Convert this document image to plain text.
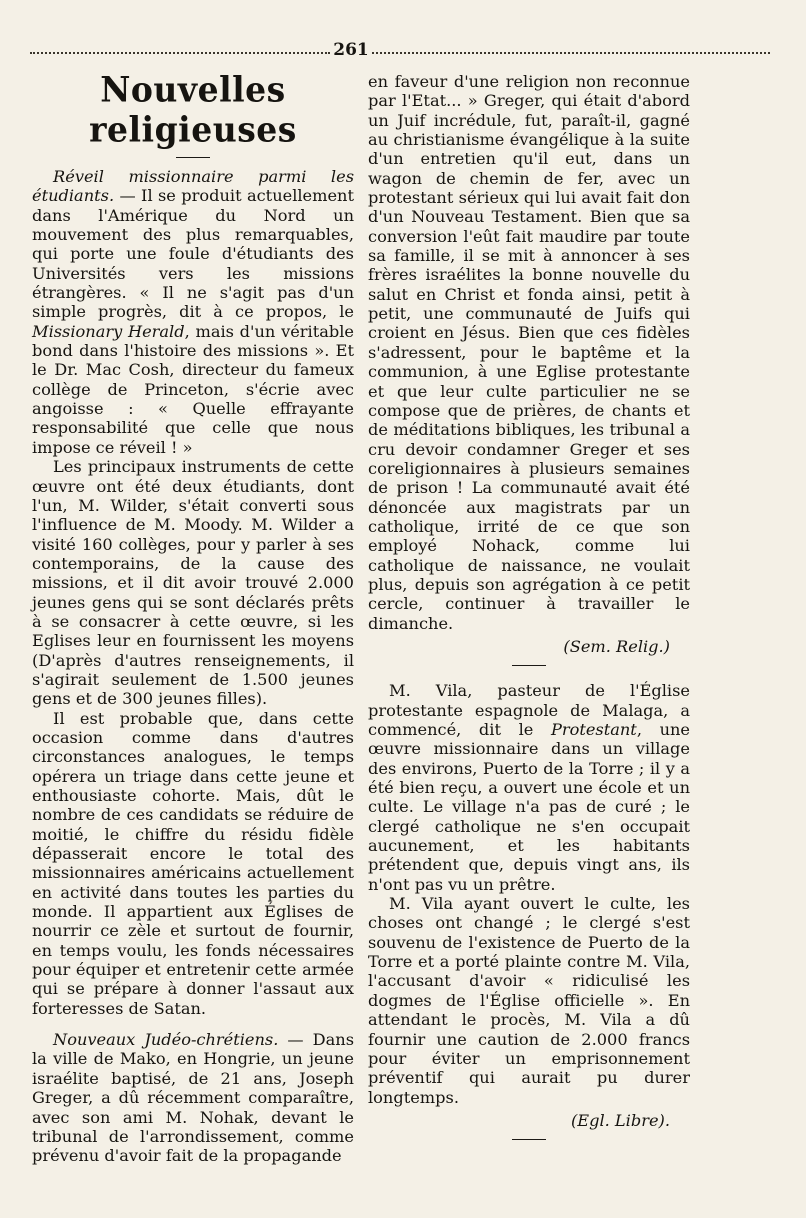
261
Nouvelles religieuses

Réveil missionnaire parmi les étudiants. — Il se produit actuellement dans l'Amérique du Nord un mouvement des plus remarquables, qui porte une foule d'étudiants des Universités vers les missions étrangères. « Il ne s'agit pas d'un simple progrès, dit à ce propos, le Missionary Herald, mais d'un véritable bond dans l'histoire des missions ». Et le Dr. Mac Cosh, directeur du fameux collège de Princeton, s'écrie avec angoisse : « Quelle effrayante responsabilité que celle que nous impose ce réveil ! »

Les principaux instruments de cette œuvre ont été deux étudiants, dont l'un, M. Wilder, s'était converti sous l'influence de M. Moody. M. Wilder a visité 160 collèges, pour y parler à ses contemporains, de la cause des missions, et il dit avoir trouvé 2.000 jeunes gens qui se sont déclarés prêts à se consacrer à cette œuvre, si les Eglises leur en fournissent les moyens (D'après d'autres renseignements, il s'agirait seulement de 1.500 jeunes gens et de 300 jeunes filles).

Il est probable que, dans cette occasion comme dans d'autres circonstances analogues, le temps opérera un triage dans cette jeune et enthousiaste cohorte. Mais, dût le nombre de ces candidats se réduire de moitié, le chiffre du résidu fidèle dépasserait encore le total des missionnaires américains actuellement en activité dans toutes les parties du monde. Il appartient aux Églises de nourrir ce zèle et surtout de fournir, en temps voulu, les fonds nécessaires pour équiper et entretenir cette armée qui se prépare à donner l'assaut aux forteresses de Satan.

Nouveaux Judéo-chrétiens. — Dans la ville de Mako, en Hongrie, un jeune israélite baptisé, de 21 ans, Joseph Greger, a dû récemment comparaître, avec son ami M. Nohak, devant le tribunal de l'arrondissement, comme prévenu d'avoir fait de la propagande

en faveur d'une religion non reconnue par l'Etat... » Greger, qui était d'abord un Juif incrédule, fut, paraît-il, gagné au christianisme évangélique à la suite d'un entretien qu'il eut, dans un wagon de chemin de fer, avec un protestant sérieux qui lui avait fait don d'un Nouveau Testament. Bien que sa conversion l'eût fait maudire par toute sa famille, il se mit à annoncer à ses frères israélites la bonne nouvelle du salut en Christ et fonda ainsi, petit à petit, une communauté de Juifs qui croient en Jésus. Bien que ces fidèles s'adressent, pour le baptême et la communion, à une Eglise protestante et que leur culte particulier ne se compose que de prières, de chants et de méditations bibliques, les tribunal a cru devoir condamner Greger et ses coreligionnaires à plusieurs semaines de prison ! La communauté avait été dénoncée aux magistrats par un catholique, irrité de ce que son employé Nohack, comme lui catholique de naissance, ne voulait plus, depuis son agrégation à ce petit cercle, continuer à travailler le dimanche.

(Sem. Relig.)

M. Vila, pasteur de l'Église protestante espagnole de Malaga, a commencé, dit le Protestant, une œuvre missionnaire dans un village des environs, Puerto de la Torre ; il y a été bien reçu, a ouvert une école et un culte. Le village n'a pas de curé ; le clergé catholique ne s'en occupait aucunement, et les habitants prétendent que, depuis vingt ans, ils n'ont pas vu un prêtre.

M. Vila ayant ouvert le culte, les choses ont changé ; le clergé s'est souvenu de l'existence de Puerto de la Torre et a porté plainte contre M. Vila, l'accusant d'avoir « ridiculisé les dogmes de l'Église officielle ». En attendant le procès, M. Vila a dû fournir une caution de 2.000 francs pour éviter un emprisonnement préventif qui aurait pu durer longtemps.

(Egl. Libre).
